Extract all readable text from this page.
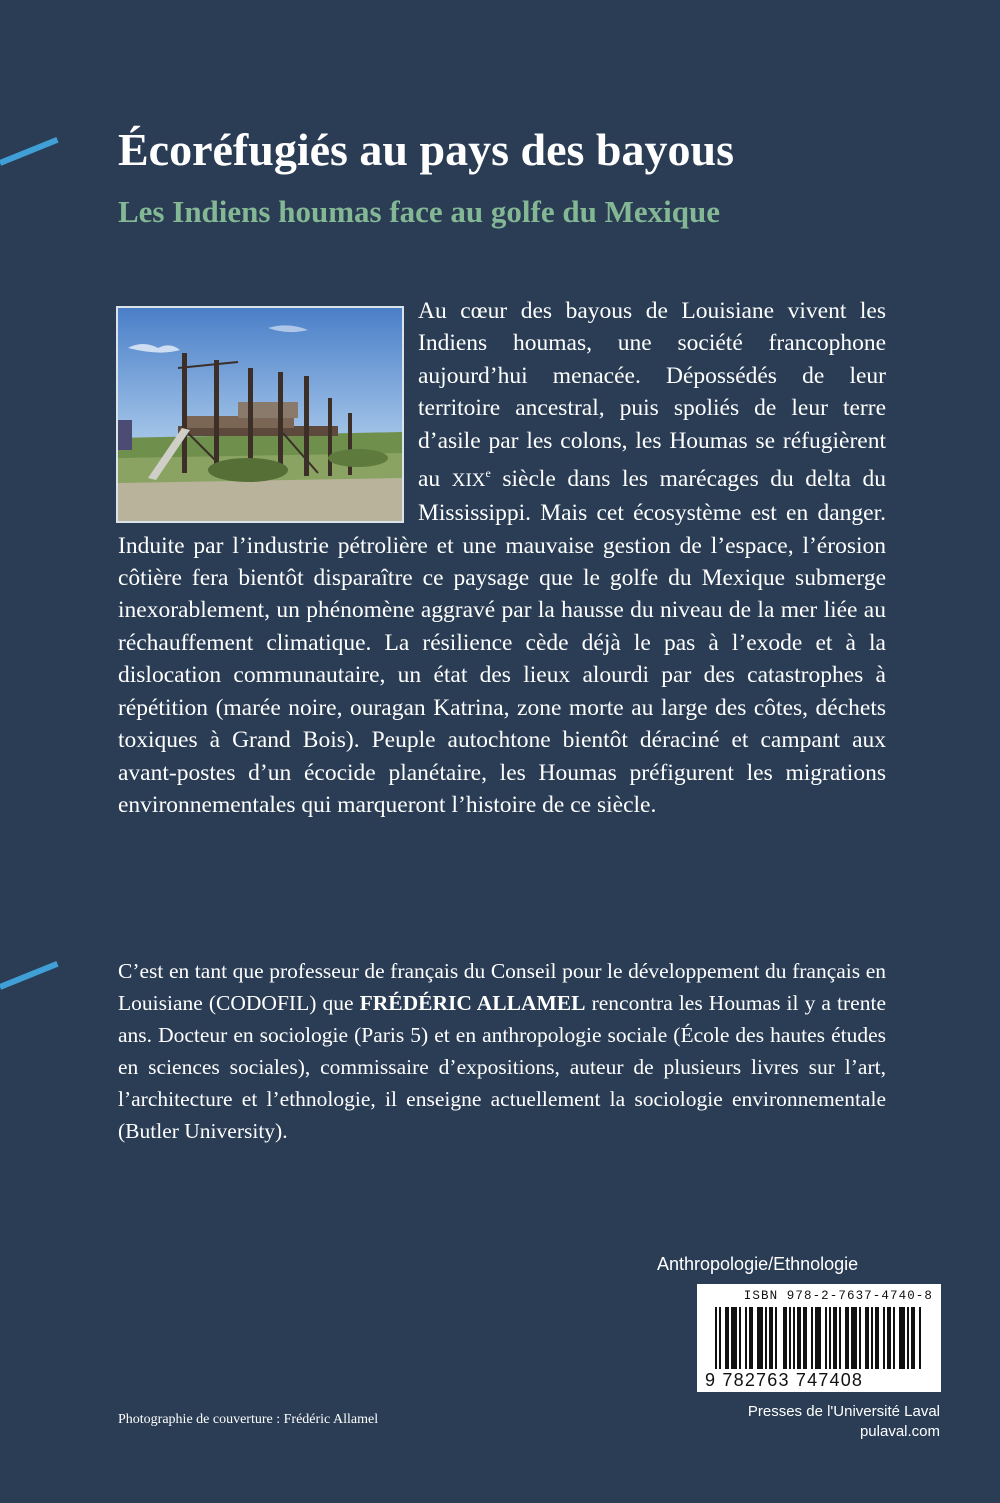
Écoréfugiés au pays des bayous
Les Indiens houmas face au golfe du Mexique

Au cœur des bayous de Louisiane vivent les Indiens houmas, une société francophone aujourd’hui menacée. Dépossédés de leur territoire ancestral, puis spoliés de leur terre d’asile par les colons, les Houmas se réfugièrent au XIXe siècle dans les marécages du delta du Mississippi. Mais cet écosystème est en danger. Induite par l’industrie pétrolière et une mauvaise gestion de l’espace, l’érosion côtière fera bientôt disparaître ce paysage que le golfe du Mexique submerge inexorablement, un phénomène aggravé par la hausse du niveau de la mer liée au réchauffement climatique. La résilience cède déjà le pas à l’exode et à la dislocation communautaire, un état des lieux alourdi par des catastrophes à répétition (marée noire, ouragan Katrina, zone morte au large des côtes, déchets toxiques à Grand Bois). Peuple autochtone bientôt déraciné et campant aux avant-postes d’un écocide planétaire, les Houmas préfigurent les migrations environnementales qui marqueront l’histoire de ce siècle.

C’est en tant que professeur de français du Conseil pour le développement du français en Louisiane (CODOFIL) que FRÉDÉRIC ALLAMEL rencontra les Houmas il y a trente ans. Docteur en sociologie (Paris 5) et en anthropologie sociale (École des hautes études en sciences sociales), commissaire d’expositions, auteur de plusieurs livres sur l’art, l’architecture et l’ethnologie, il enseigne actuellement la sociologie environnementale (Butler University).

Anthropologie/Ethnologie
ISBN 978-2-7637-4740-8
9 782763 747408
Photographie de couverture : Frédéric Allamel	Presses de l'Université Laval
pulaval.com
